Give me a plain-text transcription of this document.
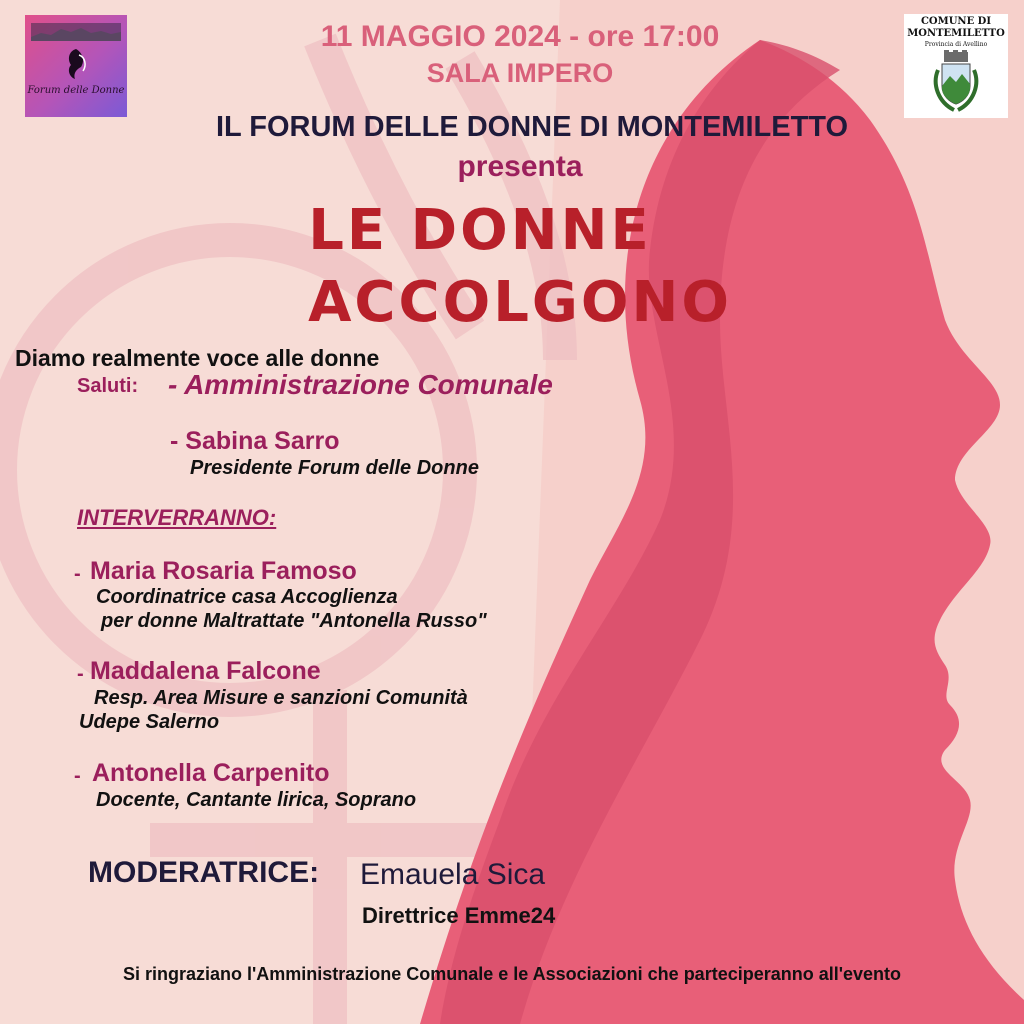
Forum delle Donne
COMUNE DI
MONTEMILETTO
Provincia di Avellino

11 MAGGIO 2024 - ore 17:00

SALA IMPERO

IL FORUM DELLE DONNE DI MONTEMILETTO

presenta

LE DONNE

ACCOLGONO

Diamo realmente voce alle donne

Saluti: - Amministrazione Comunale

- Sabina Sarro

Presidente Forum delle Donne

INTERVERRANNO:

- Maria Rosaria Famoso

Coordinatrice casa Accoglienza

per donne Maltrattate "Antonella Russo"

- Maddalena Falcone

Resp. Area Misure e sanzioni Comunità

Udepe Salerno

- Antonella Carpenito

Docente, Cantante lirica, Soprano

MODERATRICE: Emauela Sica

Direttrice Emme24

Si ringraziano l'Amministrazione Comunale e le Associazioni che parteciperanno all'evento
